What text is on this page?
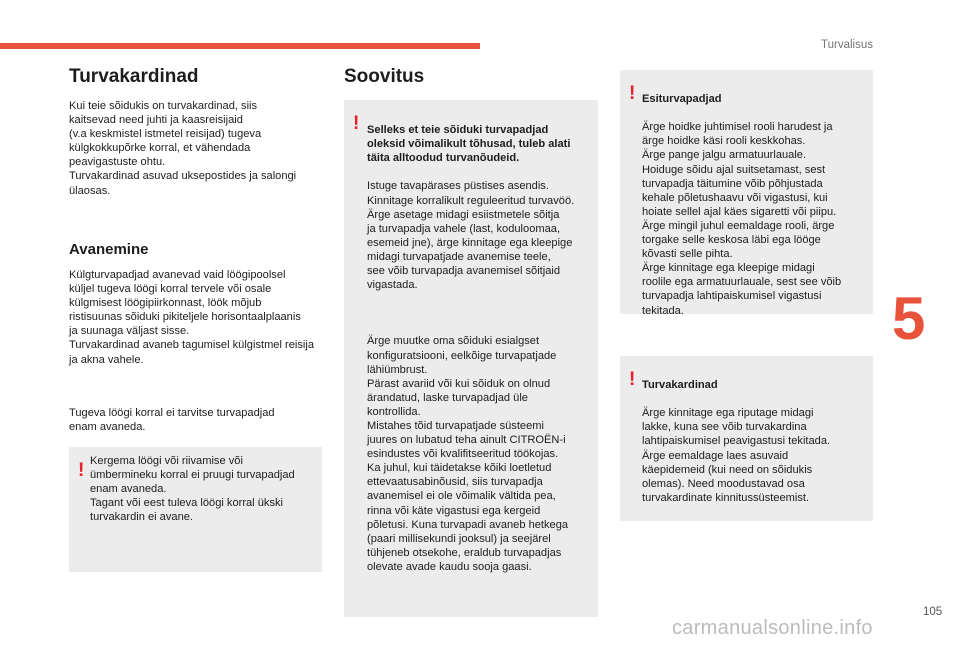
Turvalisus
Turvakardinad
Kui teie sõidukis on turvakardinad, siis
kaitsevad need juhti ja kaasreisijaid
(v.a keskmistel istmetel reisijad) tugeva
külgkokkupõrke korral, et vähendada
peavigastuste ohtu.
Turvakardinad asuvad uksepostides ja salongi
ülaosas.
Avanemine
Külgturvapadjad avanevad vaid löögipoolsel
küljel tugeva löögi korral tervele või osale
külgmisest löögipiirkonnast, löök mõjub
ristisuunas sõiduki pikiteljele horisontaalplaanis
ja suunaga väljast sisse.
Turvakardinad avaneb tagumisel külgistmel reisija
ja akna vahele.
Tugeva löögi korral ei tarvitse turvapadjad
enam avaneda.
! Kergema löögi või riivamise või
ümbermineku korral ei pruugi turvapadjad
enam avaneda.
Tagant või eest tuleva löögi korral ükski
turvakardin ei avane.
Soovitus
! Selleks et teie sõiduki turvapadjad
oleksid võimalikult tõhusad, tuleb alati
täita alltoodud turvanõudeid.

Istuge tavapärases püstises asendis.
Kinnitage korralikult reguleeritud turvavöö.
Ärge asetage midagi esiistmetele sõitja
ja turvapadja vahele (last, koduloomaa,
esemeid jne), ärge kinnitage ega kleepige
midagi turvapatjade avanemise teele,
see võib turvapadja avanemisel sõitjaid
vigastada.

Ärge muutke oma sõiduki esialgset
konfiguratsiooni, eelkõige turvapatjade
lähiümbrust.
Pärast avariid või kui sõiduk on olnud
ärandatud, laske turvapadjad üle
kontrollida.
Mistahes tõid turvapatjade süsteemi
juures on lubatud teha ainult CITROËN-i
esindustes või kvalifitseeritud töökojas.
Ka juhul, kui täidetakse kõiki loetletud
ettevaatusabinõusid, siis turvapadja
avanemisel ei ole võimalik vältida pea,
rinna või käte vigastusi ega kergeid
põletusi. Kuna turvapadi avaneb hetkega
(paari millisekundi jooksul) ja seejärel
tühjeneb otsekohe, eraldub turvapadjas
olevate avade kaudu sooja gaasi.

! Esiturvapadjad

Ärge hoidke juhtimisel rooli harudest ja
ärge hoidke käsi rooli keskkohas.
Ärge pange jalgu armatuurlauale.
Hoiduge sõidu ajal suitsetamast, sest
turvapadja täitumine võib põhjustada
kehale põletushaavu või vigastusi, kui
hoiate sellel ajal käes sigaretti või piipu.
Ärge mingil juhul eemaldage rooli, ärge
torgake selle keskosa läbi ega lööge
kõvasti selle pihta.
Ärge kinnitage ega kleepige midagi
roolile ega armatuurlauale, sest see võib
turvapadja lahtipaiskumisel vigastusi
tekitada.

! Turvakardinad

Ärge kinnitage ega riputage midagi
lakke, kuna see võib turvakardina
lahtipaiskumisel peavigastusi tekitada.
Ärge eemaldage laes asuvaid
käepidemeid (kui need on sõidukis
olemas). Need moodustavad osa
turvakardinate kinnitussüsteemist.

5
105
carmanualsonline.info
